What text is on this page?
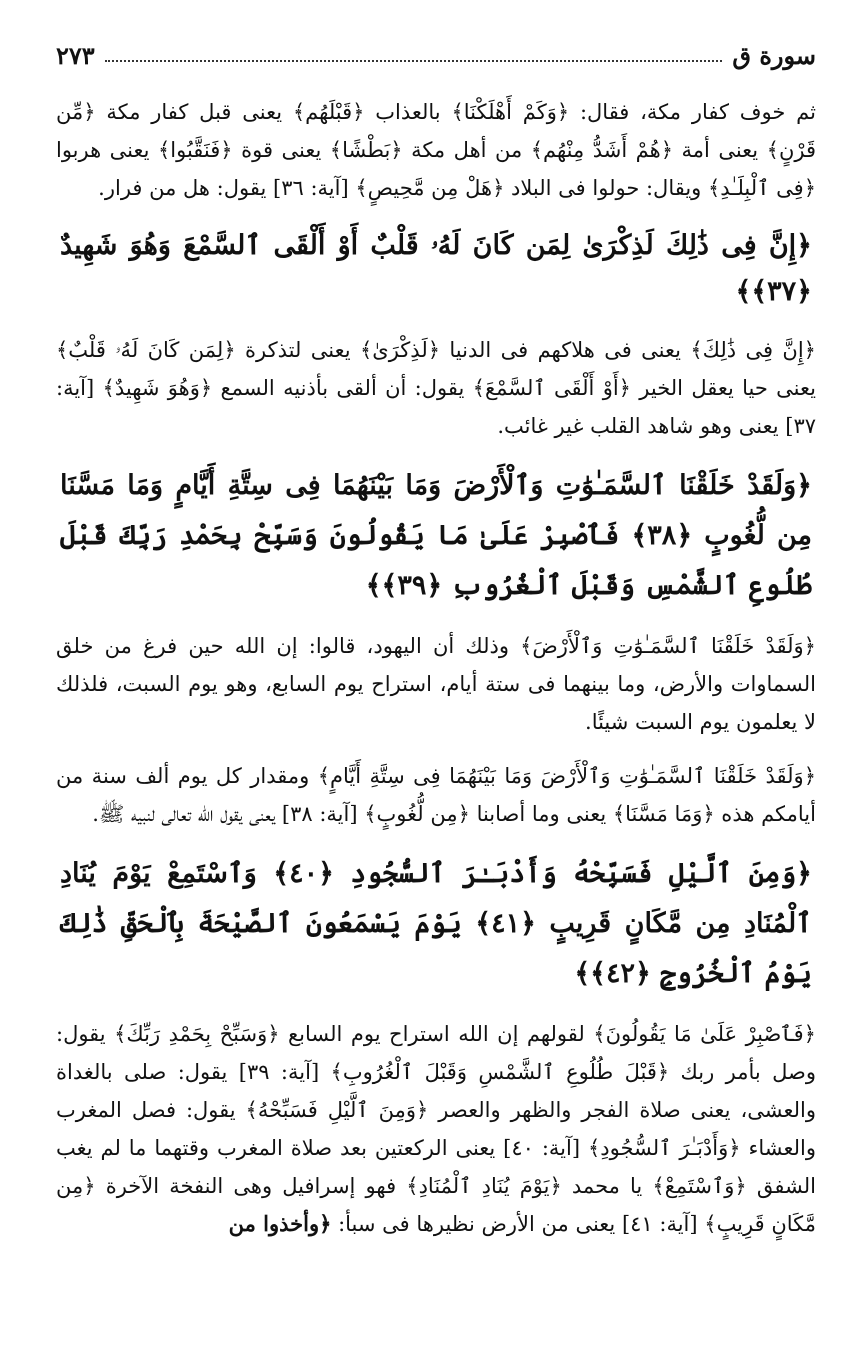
سورة ق
٢٧٣

ثم خوف كفار مكة، فقال: ﴿وَكَمْ أَهْلَكْنَا﴾ بالعذاب ﴿قَبْلَهُم﴾ يعنى قبل كفار مكة ﴿مِّن قَرْنٍ﴾ يعنى أمة ﴿هُمْ أَشَدُّ مِنْهُم﴾ من أهل مكة ﴿بَطْشًا﴾ يعنى قوة ﴿فَنَقَّبُوا﴾ يعنى هربوا ﴿فِى ٱلْبِلَـٰدِ﴾ ويقال: حولوا فى البلاد ﴿هَلْ مِن مَّحِيصٍ﴾ [آية: ٣٦] يقول: هل من فرار.

﴿إِنَّ فِى ذَٰلِكَ لَذِكْرَىٰ لِمَن كَانَ لَهُۥ قَلْبٌ أَوْ أَلْقَى ٱلسَّمْعَ وَهُوَ شَهِيدٌ ﴿٣٧﴾﴾

﴿إِنَّ فِى ذَٰلِكَ﴾ يعنى فى هلاكهم فى الدنيا ﴿لَذِكْرَىٰ﴾ يعنى لتذكرة ﴿لِمَن كَانَ لَهُۥ قَلْبٌ﴾ يعنى حيا يعقل الخير ﴿أَوْ أَلْقَى ٱلسَّمْعَ﴾ يقول: أن ألقى بأذنيه السمع ﴿وَهُوَ شَهِيدٌ﴾ [آية: ٣٧] يعنى وهو شاهد القلب غير غائب.

﴿وَلَقَدْ خَلَقْنَا ٱلسَّمَـٰوَٰتِ وَٱلْأَرْضَ وَمَا بَيْنَهُمَا فِى سِتَّةِ أَيَّامٍ وَمَا مَسَّنَا مِن لُّغُوبٍ ﴿٣٨﴾ فَٱصْبِرْ عَلَىٰ مَا يَقُولُونَ وَسَبِّحْ بِحَمْدِ رَبِّكَ قَبْلَ طُلُوعِ ٱلشَّمْسِ وَقَبْلَ ٱلْغُرُوبِ ﴿٣٩﴾﴾

﴿وَلَقَدْ خَلَقْنَا ٱلسَّمَـٰوَٰتِ وَٱلْأَرْضَ﴾ وذلك أن اليهود، قالوا: إن الله حين فرغ من خلق السماوات والأرض، وما بينهما فى ستة أيام، استراح يوم السابع، وهو يوم السبت، فلذلك لا يعلمون يوم السبت شيئًا.

﴿وَلَقَدْ خَلَقْنَا ٱلسَّمَـٰوَٰتِ وَٱلْأَرْضَ وَمَا بَيْنَهُمَا فِى سِتَّةِ أَيَّامٍ﴾ ومقدار كل يوم ألف سنة من أيامكم هذه ﴿وَمَا مَسَّنَا﴾ يعنى وما أصابنا ﴿مِن لُّغُوبٍ﴾ [آية: ٣٨] يعنى يقول الله تعالى لنبيه ﷺ.

﴿وَمِنَ ٱلَّيْلِ فَسَبِّحْهُ وَأَدْبَـٰرَ ٱلسُّجُودِ ﴿٤٠﴾ وَٱسْتَمِعْ يَوْمَ يُنَادِ ٱلْمُنَادِ مِن مَّكَانٍ قَرِيبٍ ﴿٤١﴾ يَوْمَ يَسْمَعُونَ ٱلصَّيْحَةَ بِٱلْحَقِّ ذَٰلِكَ يَوْمُ ٱلْخُرُوجِ ﴿٤٢﴾﴾

﴿فَٱصْبِرْ عَلَىٰ مَا يَقُولُونَ﴾ لقولهم إن الله استراح يوم السابع ﴿وَسَبِّحْ بِحَمْدِ رَبِّكَ﴾ يقول: وصل بأمر ربك ﴿قَبْلَ طُلُوعِ ٱلشَّمْسِ وَقَبْلَ ٱلْغُرُوبِ﴾ [آية: ٣٩] يقول: صلى بالغداة والعشى، يعنى صلاة الفجر والظهر والعصر ﴿وَمِنَ ٱلَّيْلِ فَسَبِّحْهُ﴾ يقول: فصل المغرب والعشاء ﴿وَأَدْبَـٰرَ ٱلسُّجُودِ﴾ [آية: ٤٠] يعنى الركعتين بعد صلاة المغرب وقتهما ما لم يغب الشفق ﴿وَٱسْتَمِعْ﴾ يا محمد ﴿يَوْمَ يُنَادِ ٱلْمُنَادِ﴾ فهو إسرافيل وهى النفخة الآخرة ﴿مِن مَّكَانٍ قَرِيبٍ﴾ [آية: ٤١] يعنى من الأرض نظيرها فى سبأ: ﴿وأخذوا من
